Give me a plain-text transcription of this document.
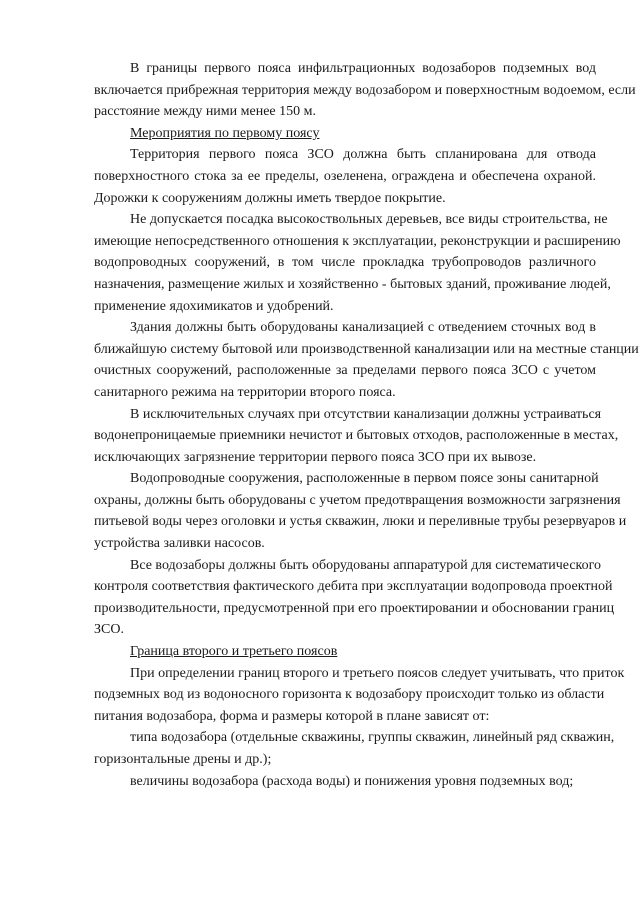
В границы первого пояса инфильтрационных водозаборов подземных вод
включается прибрежная территория между водозабором и поверхностным водоемом, если
расстояние между ними менее 150 м.

Мероприятия по первому поясу

Территория первого пояса ЗСО должна быть спланирована для отвода
поверхностного стока за ее пределы, озеленена, ограждена и обеспечена охраной.
Дорожки к сооружениям должны иметь твердое покрытие.

Не допускается посадка высокоствольных деревьев, все виды строительства, не
имеющие непосредственного отношения к эксплуатации, реконструкции и расширению
водопроводных сооружений, в том числе прокладка трубопроводов различного
назначения, размещение жилых и хозяйственно - бытовых зданий, проживание людей,
применение ядохимикатов и удобрений.

Здания должны быть оборудованы канализацией с отведением сточных вод в
ближайшую систему бытовой или производственной канализации или на местные станции
очистных сооружений, расположенные за пределами первого пояса ЗСО с учетом
санитарного режима на территории второго пояса.

В исключительных случаях при отсутствии канализации должны устраиваться
водонепроницаемые приемники нечистот и бытовых отходов, расположенные в местах,
исключающих загрязнение территории первого пояса ЗСО при их вывозе.

Водопроводные сооружения, расположенные в первом поясе зоны санитарной
охраны, должны быть оборудованы с учетом предотвращения возможности загрязнения
питьевой воды через оголовки и устья скважин, люки и переливные трубы резервуаров и
устройства заливки насосов.

Все водозаборы должны быть оборудованы аппаратурой для систематического
контроля соответствия фактического дебита при эксплуатации водопровода проектной
производительности, предусмотренной при его проектировании и обосновании границ
ЗСО.

Граница второго и третьего поясов

При определении границ второго и третьего поясов следует учитывать, что приток
подземных вод из водоносного горизонта к водозабору происходит только из области
питания водозабора, форма и размеры которой в плане зависят от:

типа водозабора (отдельные скважины, группы скважин, линейный ряд скважин,
горизонтальные дрены и др.);

величины водозабора (расхода воды) и понижения уровня подземных вод;
